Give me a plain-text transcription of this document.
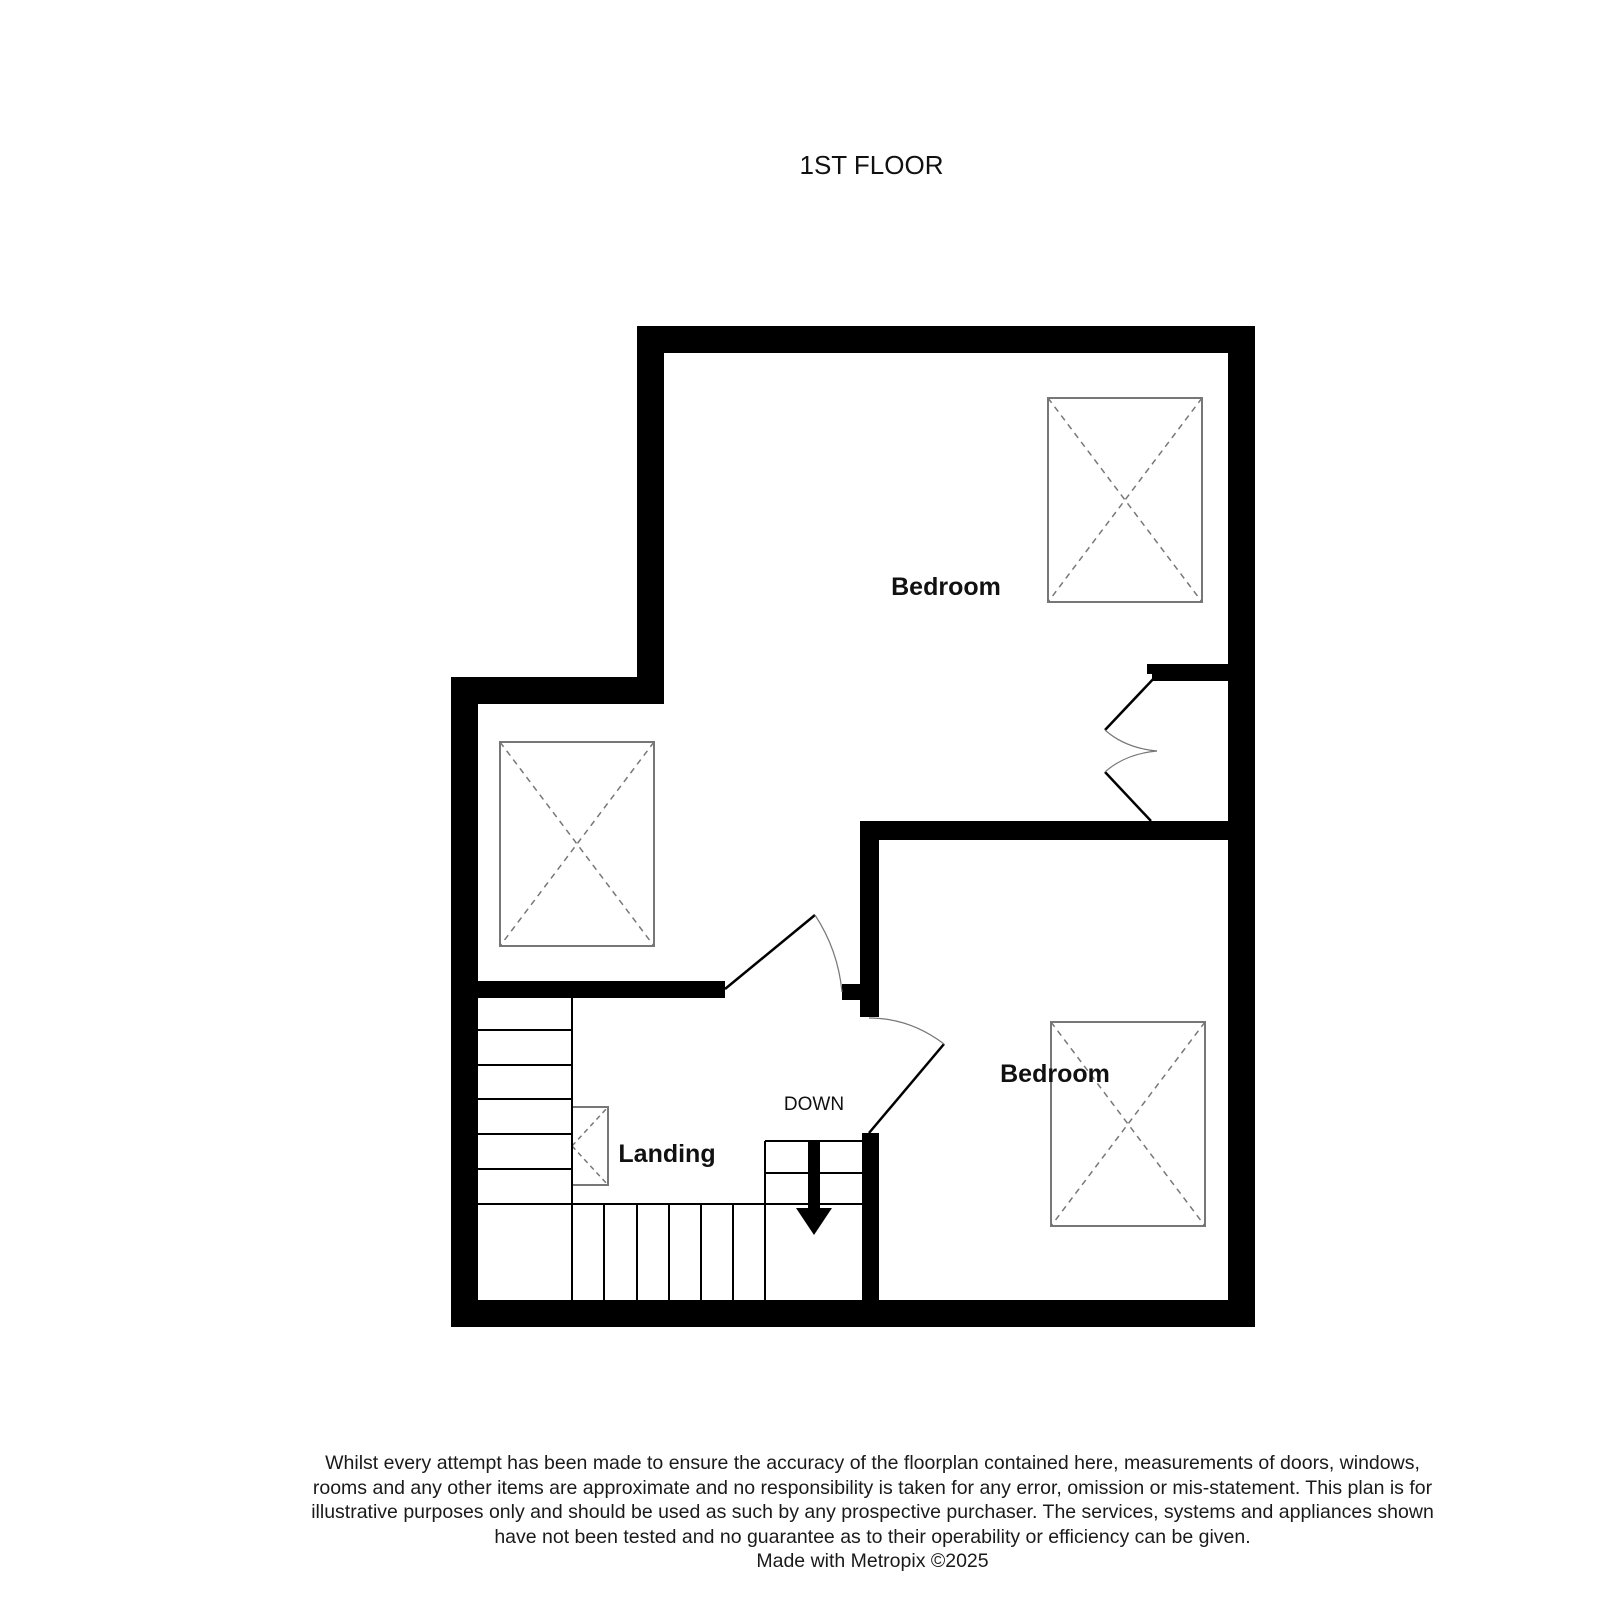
1ST FLOOR
Bedroom
Bedroom
Landing
DOWN

Whilst every attempt has been made to ensure the accuracy of the floorplan contained here, measurements of doors, windows, rooms and any other items are approximate and no responsibility is taken for any error, omission or mis-statement. This plan is for illustrative purposes only and should be used as such by any prospective purchaser. The services, systems and appliances shown have not been tested and no guarantee as to their operability or efficiency can be given.

Made with Metropix ©2025
